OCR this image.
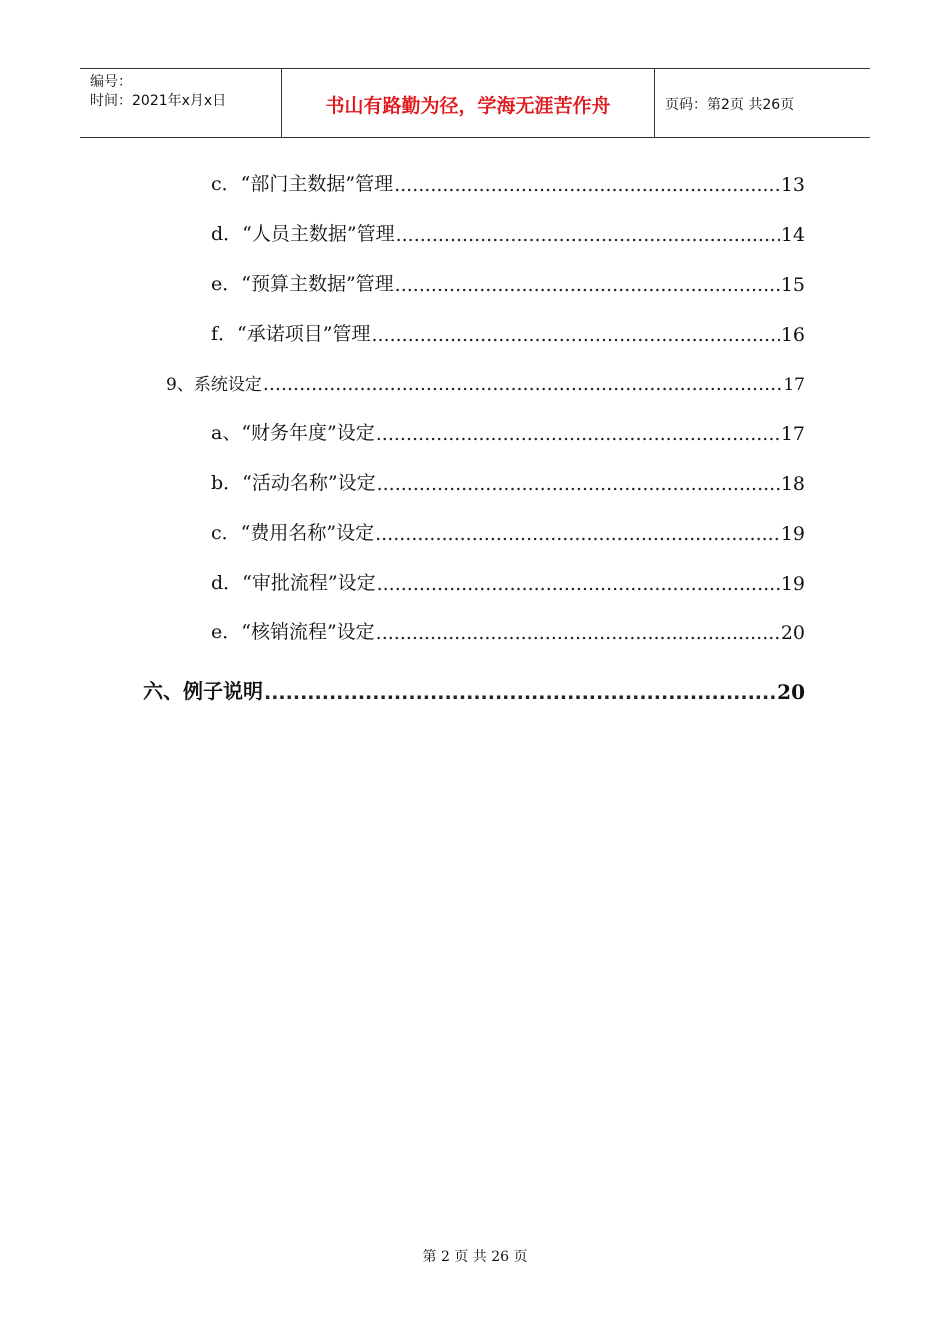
编号：
时间：2021年x月x日	书山有路勤为径，学海无涯苦作舟	页码：第2页 共26页
c．“部门主数据”管理 .....	13
d．“人员主数据”管理 .....	14
e．“预算主数据”管理 .....	15
f．“承诺项目”管理 .....	16
9、系统设定 .....	17
a、“财务年度”设定 .....	17
b．“活动名称”设定 .....	18
c．“费用名称”设定 .....	19
d．“审批流程”设定 .....	19
e．“核销流程”设定 .....	20
六、例子说明 .....	20
第 2 页 共 26 页
